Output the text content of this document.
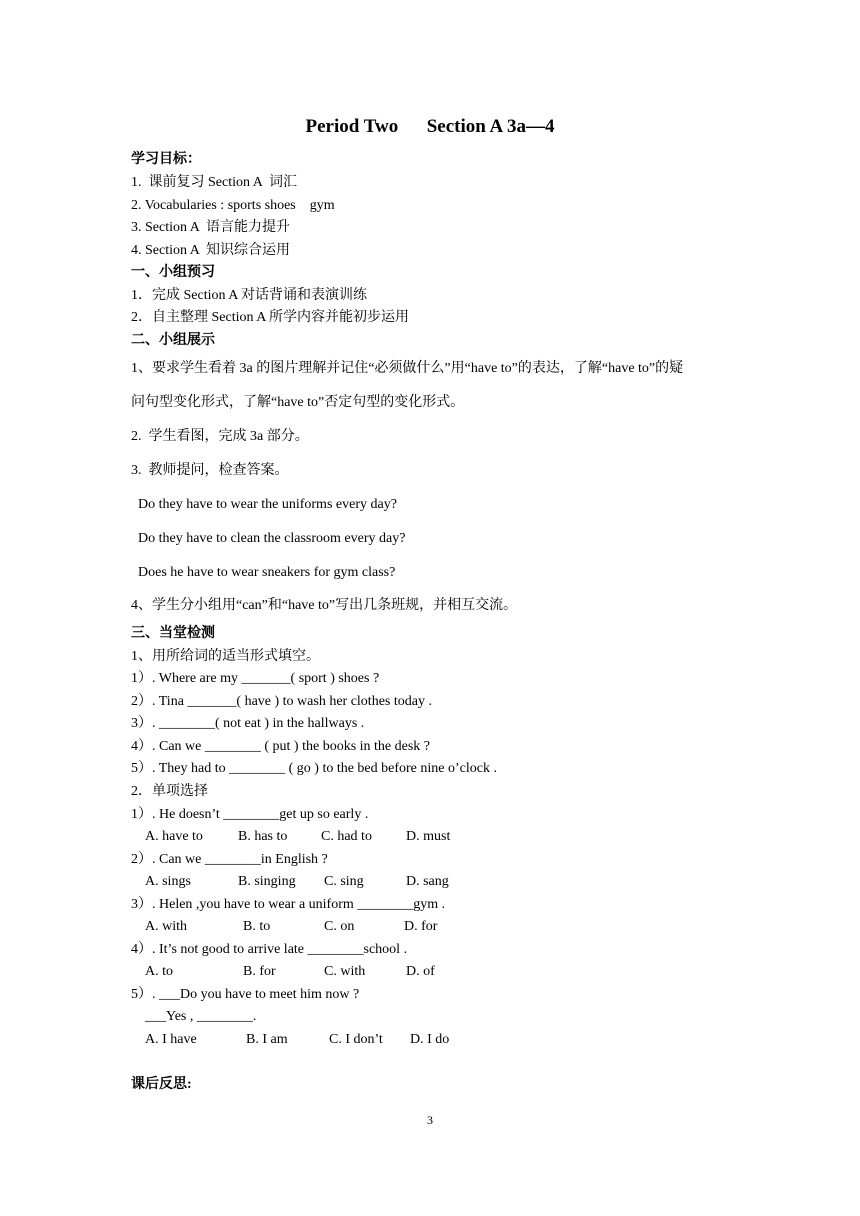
Period Two      Section A 3a—4
学习目标：
1.  课前复习 Section A  词汇
2. Vocabularies : sports shoes    gym
3. Section A  语言能力提升
4. Section A  知识综合运用
一、小组预习
1．完成 Section A 对话背诵和表演训练
2．自主整理 Section A 所学内容并能初步运用
二、小组展示
1、要求学生看着 3a 的图片理解并记住“必须做什么”用“have to”的表达，了解“have to”的疑
问句型变化形式，了解“have to”否定句型的变化形式。
2.  学生看图，完成 3a 部分。
3.  教师提问，检查答案。
Do they have to wear the uniforms every day?
Do they have to clean the classroom every day?
Does he have to wear sneakers for gym class?
4、学生分小组用“can”和“have to”写出几条班规，并相互交流。
三、当堂检测
1、用所给词的适当形式填空。
1）. Where are my _______( sport ) shoes ?
2）. Tina _______( have ) to wash her clothes today .
3）. ________( not eat ) in the hallways .
4）. Can we ________ ( put ) the books in the desk ?
5）. They had to ________ ( go ) to the bed before nine o’clock .
2．单项选择
1）. He doesn’t ________get up so early .
A. have to	B. has to C. had to D. must
2）. Can we ________in English ?
A. sings	B. singing C. sing	D. sang
3）. Helen ,you have to wear a uniform ________gym .
A. with	B. to	C. on	D. for
4）. It’s not good to arrive late ________school .
A. to	B. for	C. with	D. of
5）. ___Do you have to meet him now ?
___Yes , ________.
A. I have	B. I am	C. I don’t D. I do
课后反思:
3
